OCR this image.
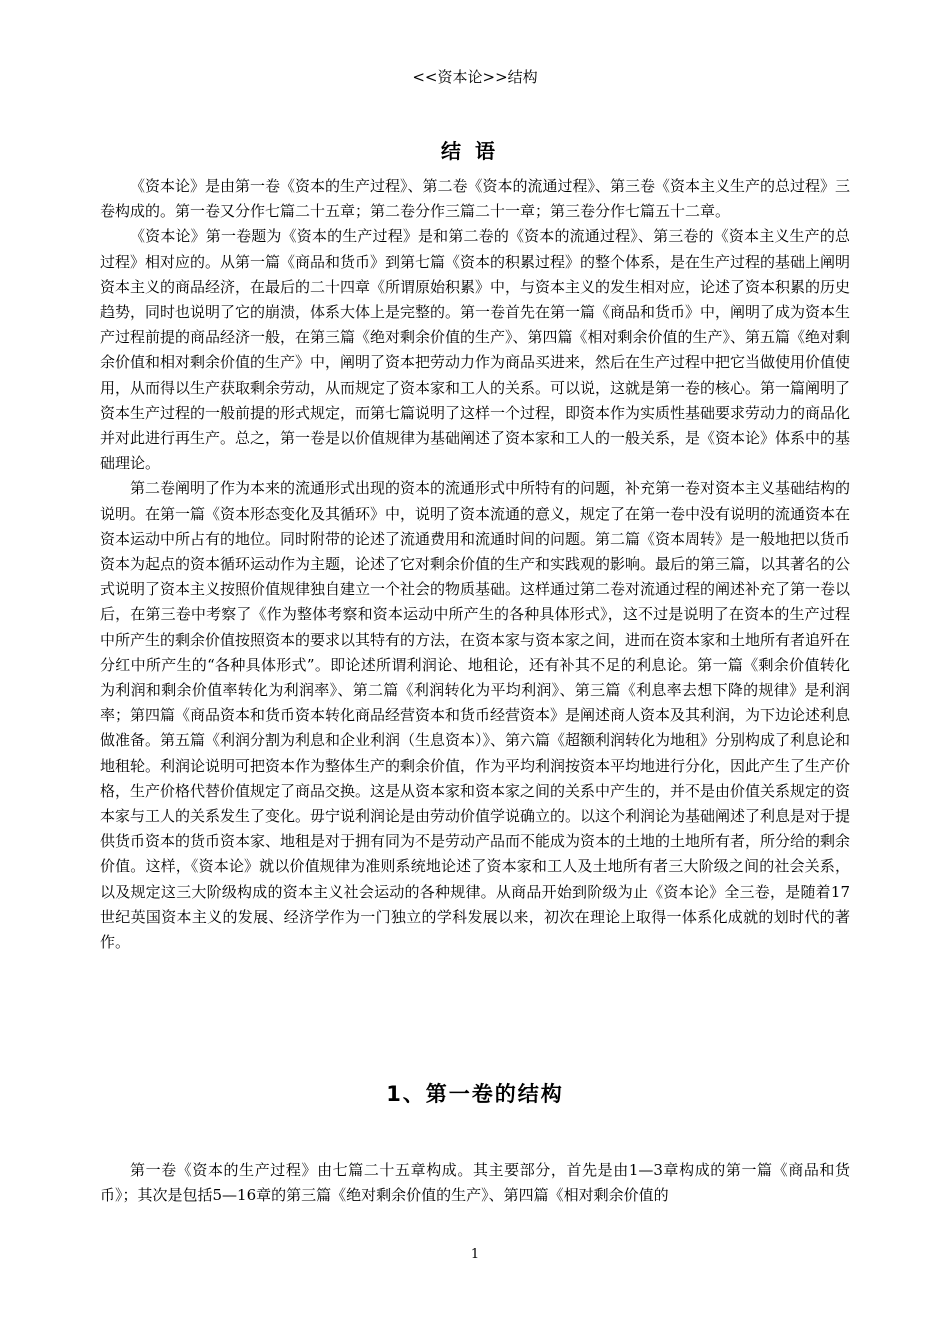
<<资本论>>结构
结语

《资本论》是由第一卷《资本的生产过程》、第二卷《资本的流通过程》、第三卷《资本主义生产的总过程》三卷构成的。第一卷又分作七篇二十五章；第二卷分作三篇二十一章；第三卷分作七篇五十二章。

《资本论》第一卷题为《资本的生产过程》是和第二卷的《资本的流通过程》、第三卷的《资本主义生产的总过程》相对应的。从第一篇《商品和货币》到第七篇《资本的积累过程》的整个体系，是在生产过程的基础上阐明资本主义的商品经济，在最后的二十四章《所谓原始积累》中，与资本主义的发生相对应，论述了资本积累的历史趋势，同时也说明了它的崩溃，体系大体上是完整的。第一卷首先在第一篇《商品和货币》中，阐明了成为资本生产过程前提的商品经济一般，在第三篇《绝对剩余价值的生产》、第四篇《相对剩余价值的生产》、第五篇《绝对剩余价值和相对剩余价值的生产》中，阐明了资本把劳动力作为商品买进来，然后在生产过程中把它当做使用价值使用，从而得以生产获取剩余劳动，从而规定了资本家和工人的关系。可以说，这就是第一卷的核心。第一篇阐明了资本生产过程的一般前提的形式规定，而第七篇说明了这样一个过程，即资本作为实质性基础要求劳动力的商品化并对此进行再生产。总之，第一卷是以价值规律为基础阐述了资本家和工人的一般关系，是《资本论》体系中的基础理论。

第二卷阐明了作为本来的流通形式出现的资本的流通形式中所特有的问题，补充第一卷对资本主义基础结构的说明。在第一篇《资本形态变化及其循环》中，说明了资本流通的意义，规定了在第一卷中没有说明的流通资本在资本运动中所占有的地位。同时附带的论述了流通费用和流通时间的问题。第二篇《资本周转》是一般地把以货币资本为起点的资本循环运动作为主题，论述了它对剩余价值的生产和实践观的影响。最后的第三篇，以其著名的公式说明了资本主义按照价值规律独自建立一个社会的物质基础。这样通过第二卷对流通过程的阐述补充了第一卷以后，在第三卷中考察了《作为整体考察和资本运动中所产生的各种具体形式》，这不过是说明了在资本的生产过程中所产生的剩余价值按照资本的要求以其特有的方法，在资本家与资本家之间，进而在资本家和土地所有者追歼在分红中所产生的“各种具体形式”。即论述所谓利润论、地租论，还有补其不足的利息论。第一篇《剩余价值转化为利润和剩余价值率转化为利润率》、第二篇《利润转化为平均利润》、第三篇《利息率去想下降的规律》是利润率；第四篇《商品资本和货币资本转化商品经营资本和货币经营资本》是阐述商人资本及其利润，为下边论述利息做准备。第五篇《利润分割为利息和企业利润（生息资本）》、第六篇《超额利润转化为地租》分别构成了利息论和地租轮。利润论说明可把资本作为整体生产的剩余价值，作为平均利润按资本平均地进行分化，因此产生了生产价格，生产价格代替价值规定了商品交换。这是从资本家和资本家之间的关系中产生的，并不是由价值关系规定的资本家与工人的关系发生了变化。毋宁说利润论是由劳动价值学说确立的。以这个利润论为基础阐述了利息是对于提供货币资本的货币资本家、地租是对于拥有同为不是劳动产品而不能成为资本的土地的土地所有者，所分给的剩余价值。这样，《资本论》就以价值规律为准则系统地论述了资本家和工人及土地所有者三大阶级之间的社会关系，以及规定这三大阶级构成的资本主义社会运动的各种规律。从商品开始到阶级为止《资本论》全三卷，是随着17世纪英国资本主义的发展、经济学作为一门独立的学科发展以来，初次在理论上取得一体系化成就的划时代的著作。

1、第一卷的结构

第一卷《资本的生产过程》由七篇二十五章构成。其主要部分，首先是由1—3章构成的第一篇《商品和货币》；其次是包括5—16章的第三篇《绝对剩余价值的生产》、第四篇《相对剩余价值的

1
